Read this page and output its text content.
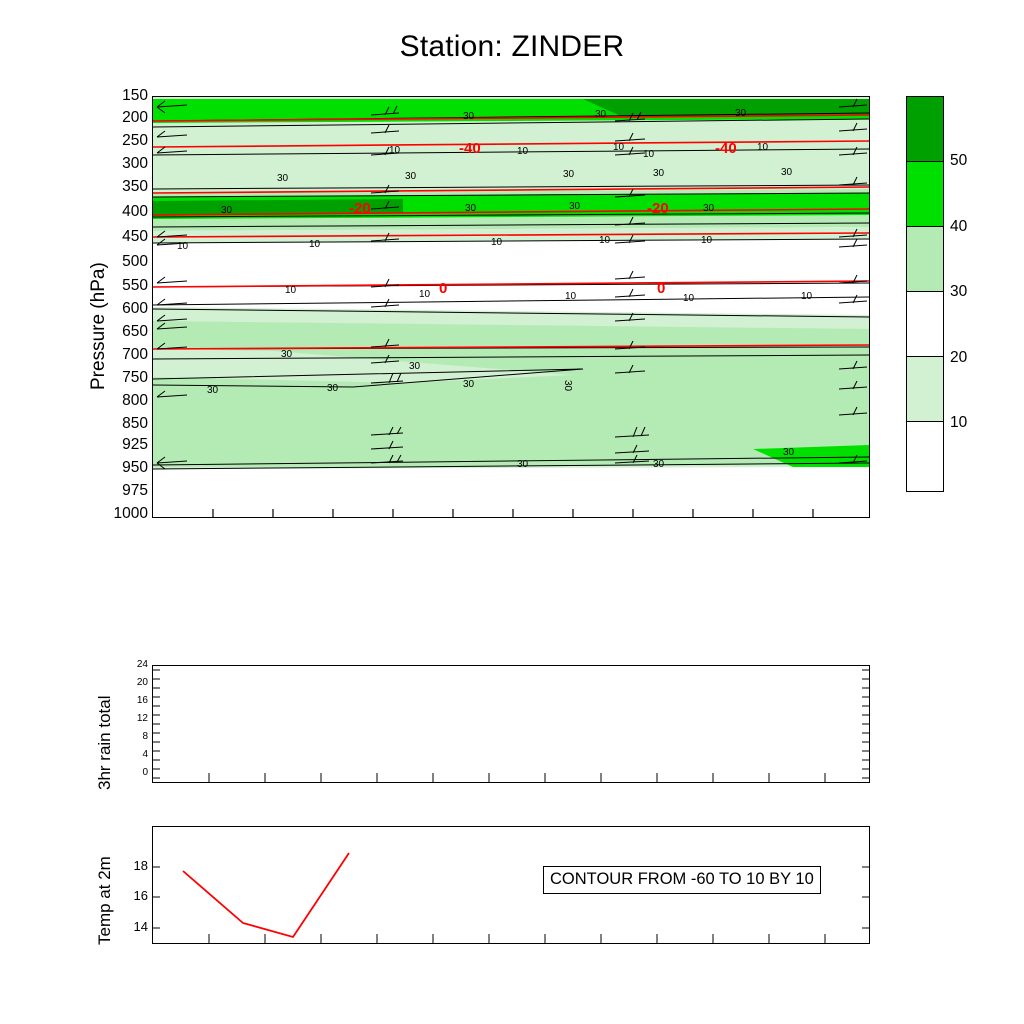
Station: ZINDER
Pressure (hPa)
150
200
250
300
350
400
450
500
550
600
650
700
750
800
850
925
950
975
1000
30	30	30
10	10	10
10
10
30	30	30	30	30
30	30	30	30
10	10	10	10	10
10	10	10	10	10
30
30
30	30	30	30
30	30
30
-40	-40
-20	-20
0	0
50
40
30
20
10
3hr rain total
24
20
16
12
8
4
0
Temp at 2m	18
16
14
CONTOUR FROM -60 TO 10 BY 10
